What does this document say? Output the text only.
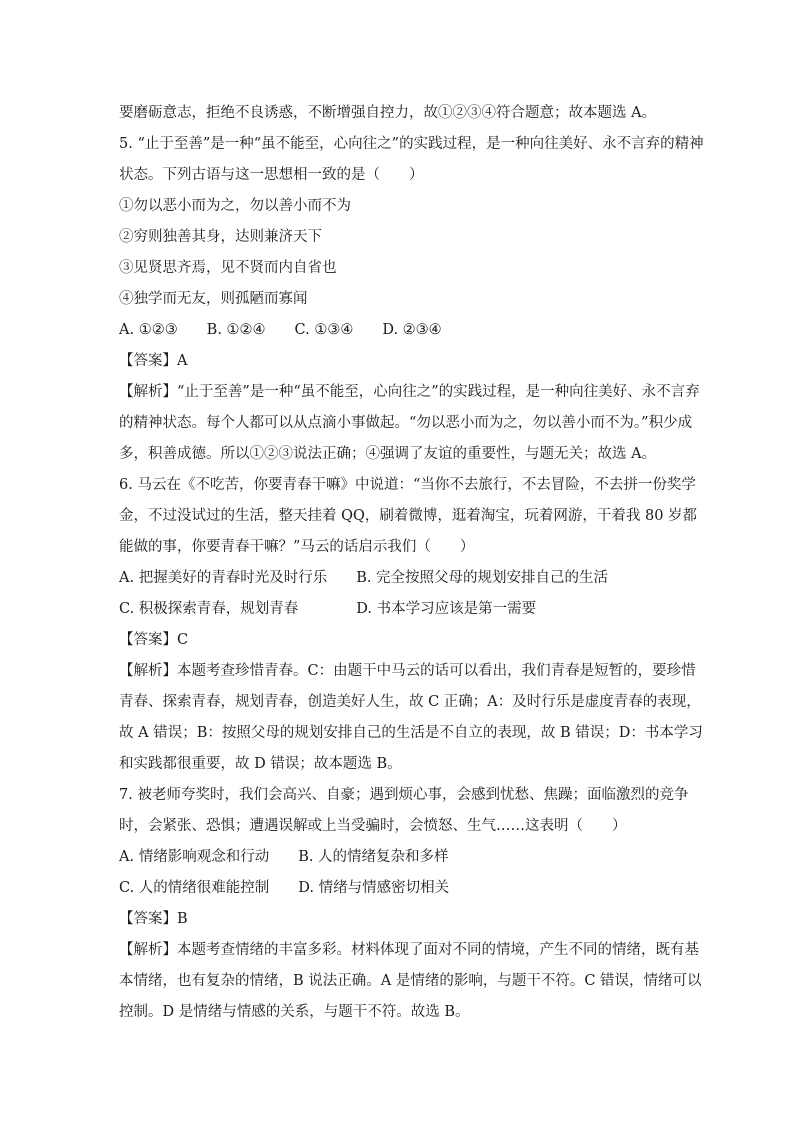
要磨砺意志，拒绝不良诱惑，不断增强自控力，故①②③④符合题意；故本题选 A。
5. “止于至善”是一种“虽不能至，心向往之”的实践过程，是一种向往美好、永不言弃的精神
状态。下列古语与这一思想相一致的是（　　）
①勿以恶小而为之，勿以善小而不为
②穷则独善其身，达则兼济天下
③见贤思齐焉，见不贤而内自省也
④独学而无友，则孤陋而寡闻
A. ①②③　　B. ①②④　　C. ①③④　　D. ②③④
【答案】A
【解析】“止于至善”是一种“虽不能至，心向往之”的实践过程，是一种向往美好、永不言弃
的精神状态。每个人都可以从点滴小事做起。“勿以恶小而为之，勿以善小而不为。”积少成
多，积善成德。所以①②③说法正确；④强调了友谊的重要性，与题无关；故选 A。
6. 马云在《不吃苦，你要青春干嘛》中说道：“当你不去旅行，不去冒险，不去拼一份奖学
金，不过没试过的生活，整天挂着 QQ，刷着微博，逛着淘宝，玩着网游，干着我 80 岁都
能做的事，你要青春干嘛？”马云的话启示我们（　　）
A. 把握美好的青春时光及时行乐　　B. 完全按照父母的规划安排自己的生活
C. 积极探索青春，规划青春　　　　D. 书本学习应该是第一需要
【答案】C
【解析】本题考查珍惜青春。C：由题干中马云的话可以看出，我们青春是短暂的，要珍惜
青春、探索青春，规划青春，创造美好人生，故 C 正确；A：及时行乐是虚度青春的表现，
故 A 错误；B：按照父母的规划安排自己的生活是不自立的表现，故 B 错误；D：书本学习
和实践都很重要，故 D 错误；故本题选 B。
7. 被老师夸奖时，我们会高兴、自豪；遇到烦心事，会感到忧愁、焦躁；面临激烈的竞争
时，会紧张、恐惧；遭遇误解或上当受骗时，会愤怒、生气……这表明（　　）
A. 情绪影响观念和行动　　B. 人的情绪复杂和多样
C. 人的情绪很难能控制　　D. 情绪与情感密切相关
【答案】B
【解析】本题考查情绪的丰富多彩。材料体现了面对不同的情境，产生不同的情绪，既有基
本情绪，也有复杂的情绪，B 说法正确。A 是情绪的影响，与题干不符。C 错误，情绪可以
控制。D 是情绪与情感的关系，与题干不符。故选 B。
